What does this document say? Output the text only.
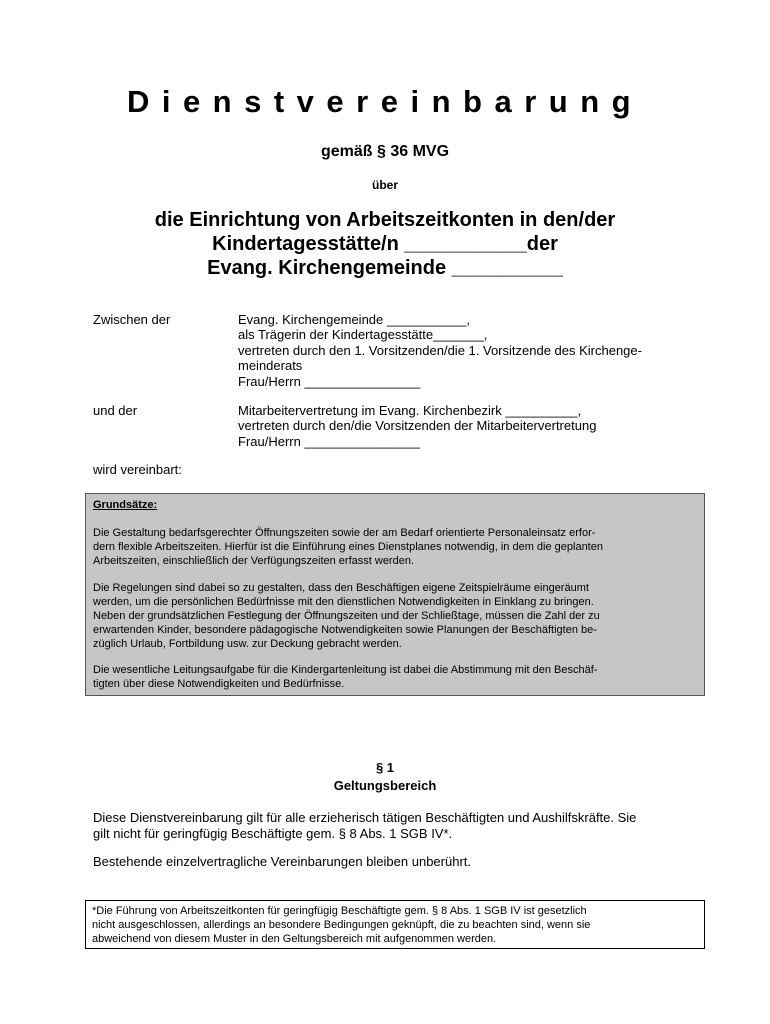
Dienstvereinbarung
gemäß § 36 MVG
über
die Einrichtung von Arbeitszeitkonten in den/der
Kindertagesstätte/n ___________der
Evang. Kirchengemeinde __________
Zwischen der	Evang. Kirchengemeinde ___________,
als Trägerin der Kindertagesstätte_______,
vertreten durch den 1. Vorsitzenden/die 1. Vorsitzende des Kirchenge-
meinderats
Frau/Herrn ________________
und der	Mitarbeitervertretung im Evang. Kirchenbezirk __________,
vertreten durch den/die Vorsitzenden der Mitarbeitervertretung
Frau/Herrn ________________
wird vereinbart:
Grundsätze:
Die Gestaltung bedarfsgerechter Öffnungszeiten sowie der am Bedarf orientierte Personaleinsatz erfor-
dern flexible Arbeitszeiten. Hierfür ist die Einführung eines Dienstplanes notwendig, in dem die geplanten
Arbeitszeiten, einschließlich der Verfügungszeiten erfasst werden.
Die Regelungen sind dabei so zu gestalten, dass den Beschäftigen eigene Zeitspielräume eingeräumt
werden, um die persönlichen Bedürfnisse mit den dienstlichen Notwendigkeiten in Einklang zu bringen.
Neben der grundsätzlichen Festlegung der Öffnungszeiten und der Schließtage, müssen die Zahl der zu
erwartenden Kinder, besondere pädagogische Notwendigkeiten sowie Planungen der Beschäftigten be-
züglich Urlaub, Fortbildung usw. zur Deckung gebracht werden.
Die wesentliche Leitungsaufgabe für die Kindergartenleitung ist dabei die Abstimmung mit den Beschäf-
tigten über diese Notwendigkeiten und Bedürfnisse.
§ 1
Geltungsbereich
Diese Dienstvereinbarung gilt für alle erzieherisch tätigen Beschäftigten und Aushilfskräfte. Sie
gilt nicht für geringfügig Beschäftigte gem. § 8 Abs. 1 SGB IV*.
Bestehende einzelvertragliche Vereinbarungen bleiben unberührt.
*Die Führung von Arbeitszeitkonten für geringfügig Beschäftigte gem. § 8 Abs. 1 SGB IV ist gesetzlich
nicht ausgeschlossen, allerdings an besondere Bedingungen geknüpft, die zu beachten sind, wenn sie
abweichend von diesem Muster in den Geltungsbereich mit aufgenommen werden.
